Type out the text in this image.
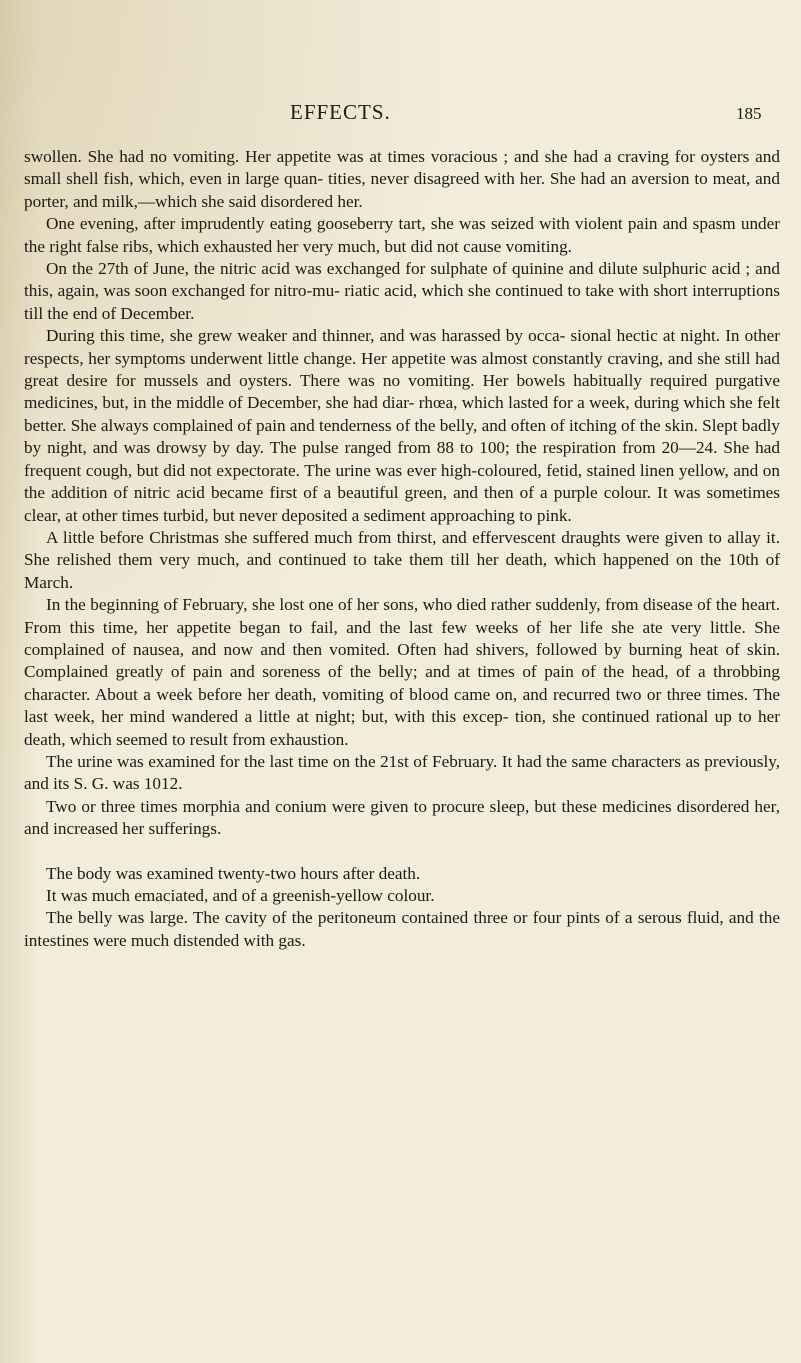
EFFECTS.	185

swollen. She had no vomiting. Her appetite was at times voracious ; and she had a craving for oysters and small shell fish, which, even in large quan- tities, never disagreed with her. She had an aversion to meat, and porter, and milk,—which she said disordered her.

One evening, after imprudently eating gooseberry tart, she was seized with violent pain and spasm under the right false ribs, which exhausted her very much, but did not cause vomiting.

On the 27th of June, the nitric acid was exchanged for sulphate of quinine and dilute sulphuric acid ; and this, again, was soon exchanged for nitro-mu- riatic acid, which she continued to take with short interruptions till the end of December.

During this time, she grew weaker and thinner, and was harassed by occa- sional hectic at night. In other respects, her symptoms underwent little change. Her appetite was almost constantly craving, and she still had great desire for mussels and oysters. There was no vomiting. Her bowels habitually required purgative medicines, but, in the middle of December, she had diar- rhœa, which lasted for a week, during which she felt better. She always complained of pain and tenderness of the belly, and often of itching of the skin. Slept badly by night, and was drowsy by day. The pulse ranged from 88 to 100; the respiration from 20—24. She had frequent cough, but did not expectorate. The urine was ever high-coloured, fetid, stained linen yellow, and on the addition of nitric acid became first of a beautiful green, and then of a purple colour. It was sometimes clear, at other times turbid, but never deposited a sediment approaching to pink.

A little before Christmas she suffered much from thirst, and effervescent draughts were given to allay it. She relished them very much, and continued to take them till her death, which happened on the 10th of March.

In the beginning of February, she lost one of her sons, who died rather suddenly, from disease of the heart. From this time, her appetite began to fail, and the last few weeks of her life she ate very little. She complained of nausea, and now and then vomited. Often had shivers, followed by burning heat of skin. Complained greatly of pain and soreness of the belly; and at times of pain of the head, of a throbbing character. About a week before her death, vomiting of blood came on, and recurred two or three times. The last week, her mind wandered a little at night; but, with this excep- tion, she continued rational up to her death, which seemed to result from exhaustion.

The urine was examined for the last time on the 21st of February. It had the same characters as previously, and its S. G. was 1012.

Two or three times morphia and conium were given to procure sleep, but these medicines disordered her, and increased her sufferings.

The body was examined twenty-two hours after death.

It was much emaciated, and of a greenish-yellow colour.

The belly was large. The cavity of the peritoneum contained three or four pints of a serous fluid, and the intestines were much distended with gas.
